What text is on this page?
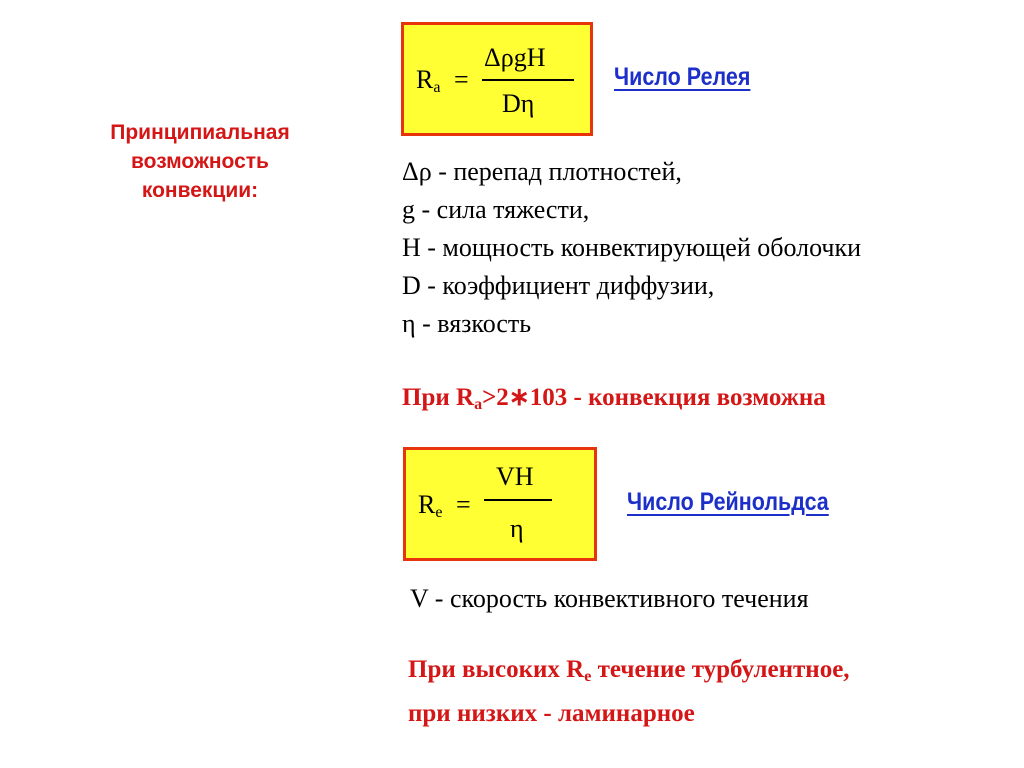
Принципиальная
возможность
конвекции:
Ra =
ΔρgH
Dη
Число Релея
Δρ - перепад плотностей,
g - сила тяжести,
H - мощность конвектирующей оболочки
D - коэффициент диффузии,
η - вязкость
При Ra>2∗103 - конвекция возможна
Re =
VH
η
Число Рейнольдса
V - скорость конвективного течения
При высоких Re течение турбулентное,
при низких - ламинарное
